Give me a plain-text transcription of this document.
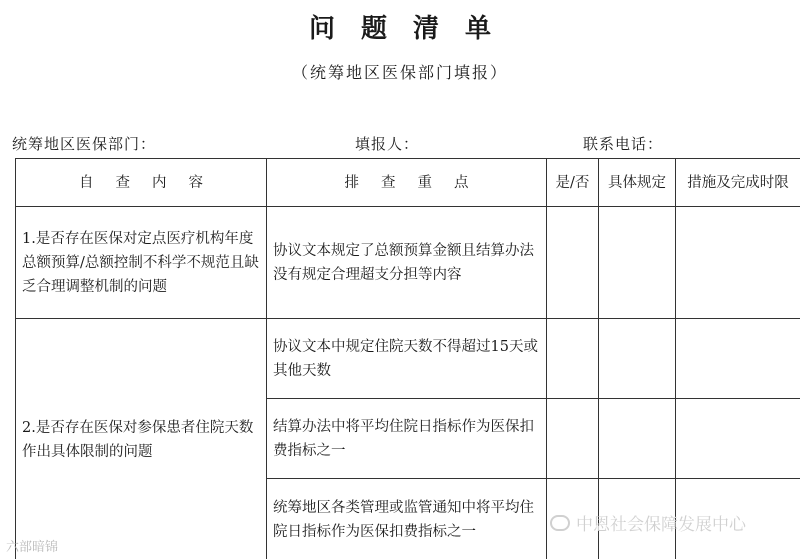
问题清单
（统筹地区医保部门填报）
统筹地区医保部门：	填报人：	联系电话：
自查内容	排查重点	是/否	具体规定	措施及完成时限
1.是否存在医保对定点医疗机构年度总额预算/总额控制不科学不规范且缺乏合理调整机制的问题	协议文本规定了总额预算金额且结算办法没有规定合理超支分担等内容			
2.是否存在医保对参保患者住院天数作出具体限制的问题	协议文本中规定住院天数不得超过15天或其他天数			
	结算办法中将平均住院日指标作为医保扣费指标之一			
	统筹地区各类管理或监管通知中将平均住院日指标作为医保扣费指标之一			
六部暗锦
中恩社会保障发展中心
